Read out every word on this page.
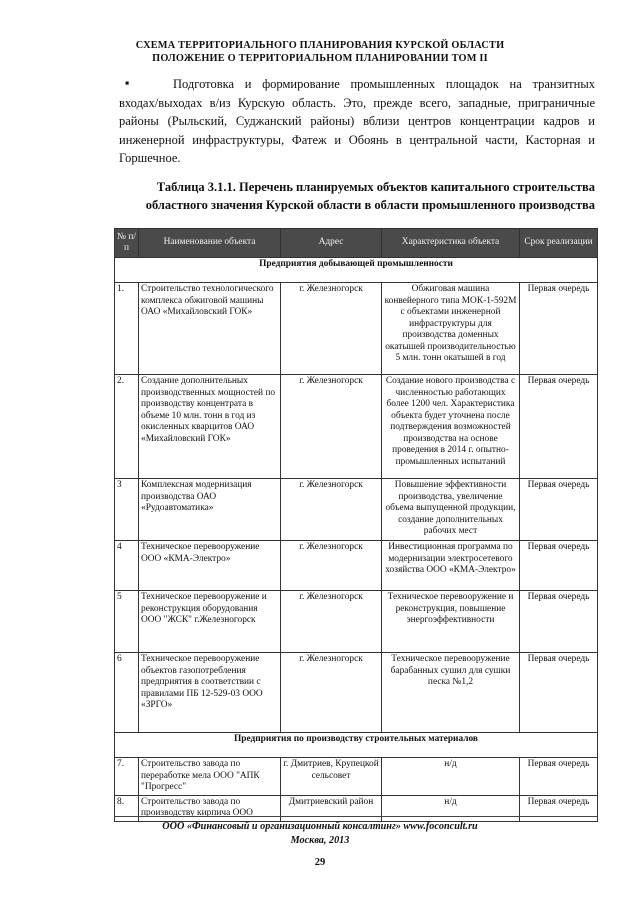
СХЕМА ТЕРРИТОРИАЛЬНОГО ПЛАНИРОВАНИЯ КУРСКОЙ ОБЛАСТИ
ПОЛОЖЕНИЕ О ТЕРРИТОРИАЛЬНОМ ПЛАНИРОВАНИИ ТОМ II
▪	Подготовка и формирование промышленных площадок на транзитных
входах/выходах в/из Курскую область. Это, прежде всего, западные, приграничные
районы (Рыльский, Суджанский районы) вблизи центров концентрации кадров и
инженерной инфраструктуры, Фатеж и Обоянь в центральной части, Касторная и
Горшечное.
Таблица 3.1.1. Перечень планируемых объектов капитального строительства
областного значения Курской области в области промышленного производства
№ п/п	Наименование объекта	Адрес	Характеристика объекта	Срок реализации
Предприятия добывающей промышленности				
1.	Строительство технологического комплекса обжиговой машины ОАО «Михайловский ГОК»	г. Железногорск	Обжиговая машина конвейерного типа МОК-1-592М с объектами инженерной инфраструктуры для производства доменных окатышей производительностью 5 млн. тонн окатышей в год	Первая очередь
2.	Создание дополнительных производственных мощностей по производству концентрата в объеме 10 млн. тонн в год из окисленных кварцитов ОАО «Михайловский ГОК»	г. Железногорск	Создание нового производства с численностью работающих более 1200 чел. Характеристика объекта будет уточнена после подтверждения возможностей производства на основе проведения в 2014 г. опытно-промышленных испытаний	Первая очередь
3	Комплексная модернизация производства ОАО «Рудоавтоматика»	г. Железногорск	Повышение эффективности производства, увеличение объема выпущенной продукции, создание дополнительных рабочих мест	Первая очередь
4	Техническое перевооружение ООО «КМА-Электро»	г. Железногорск	Инвестиционная программа по модернизации электросетевого хозяйства ООО «КМА-Электро»	Первая очередь
5	Техническое перевооружение и реконструкция оборудования ООО "ЖСК" г.Железногорск	г. Железногорск	Техническое перевооружение и реконструкция, повышение энергоэффективности	Первая очередь
6	Техническое перевооружение объектов газопотребления предприятия в соответствии с правилами ПБ 12-529-03 ООО «ЗРГО»	г. Железногорск	Техническое перевооружение барабанных сушил для сушки песка №1,2	Первая очередь
Предприятия по производству строительных материалов				
7.	Строительство завода по переработке мела ООО "АПК "Прогресс"	г. Дмитриев, Крупецкой сельсовет	н/д	Первая очередь
8.	Строительство завода по производству кирпича ООО	Дмитриевский район	н/д	Первая очередь
ООО «Финансовый и организационный консалтинг» www.foconcult.ru
Москва, 2013
29
